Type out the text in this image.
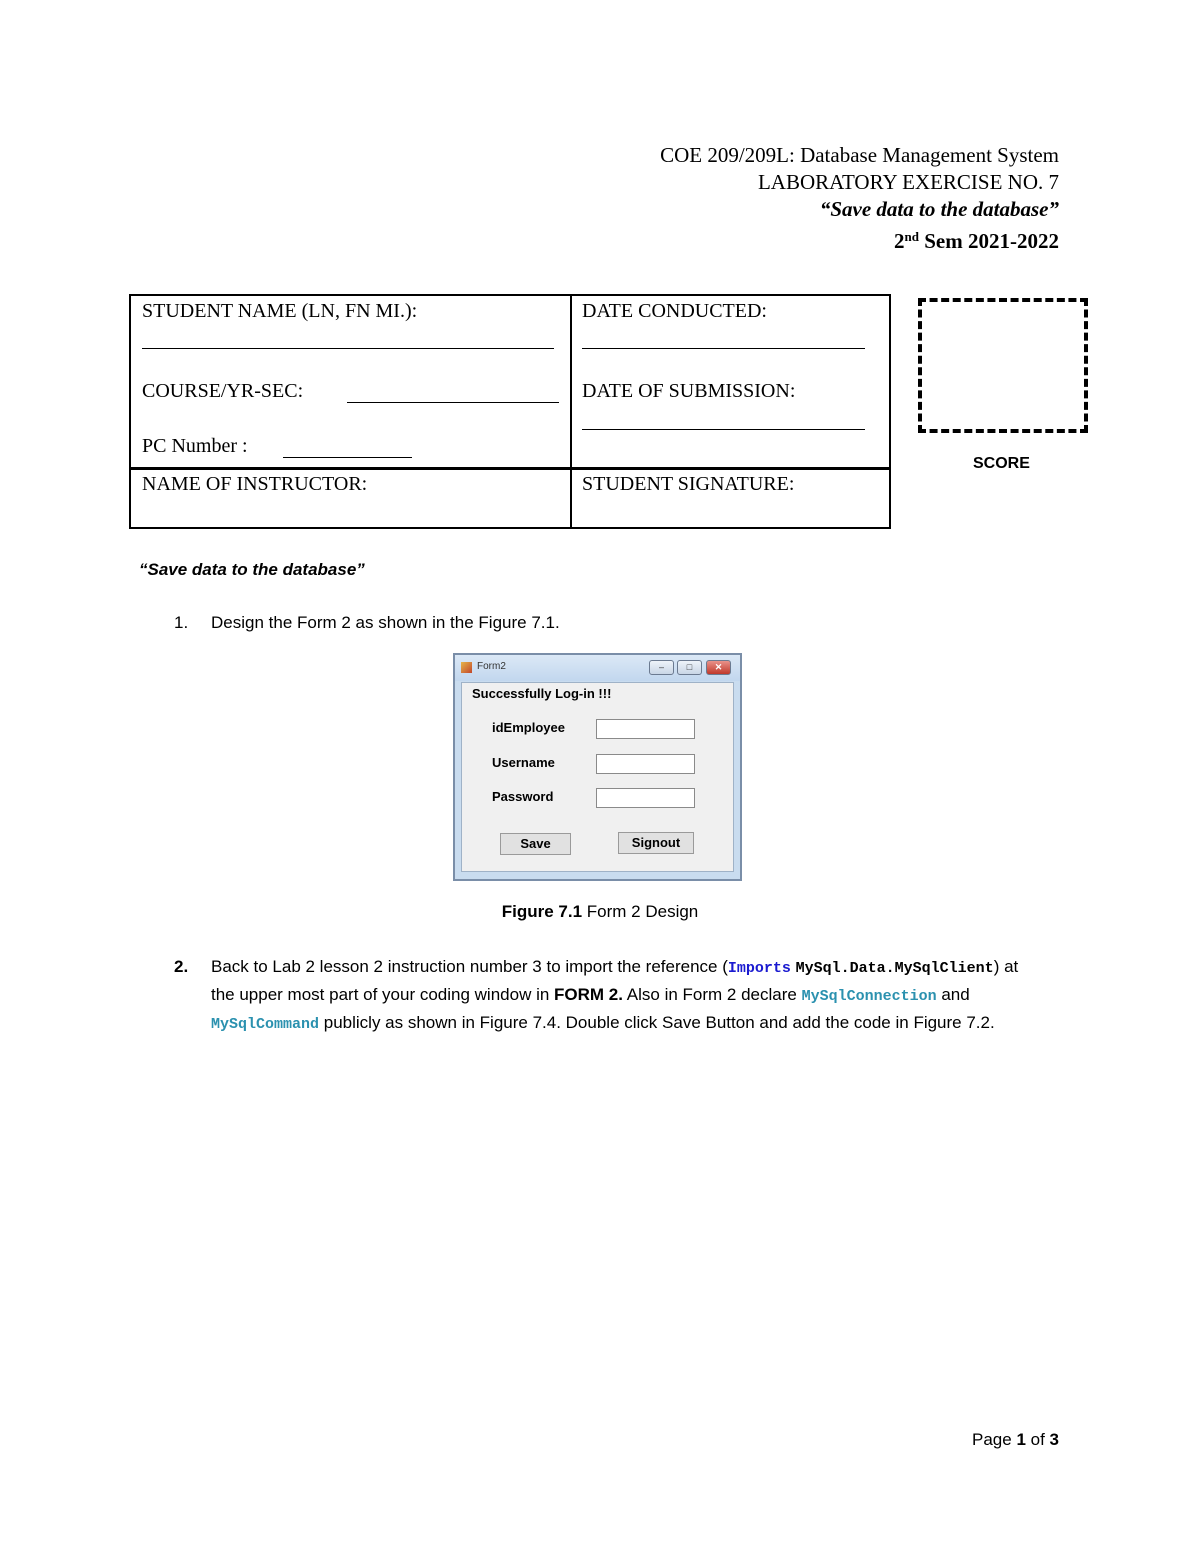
COE 209/209L: Database Management System
LABORATORY EXERCISE NO. 7
“Save data to the database”
2nd Sem 2021-2022
STUDENT NAME (LN, FN MI.):
COURSE/YR-SEC:
PC Number :
DATE CONDUCTED:
DATE OF SUBMISSION:
NAME OF INSTRUCTOR:	STUDENT SIGNATURE:
SCORE
“Save data to the database”
1. Design the Form 2 as shown in the Figure 7.1.
Form2	–	□	✕
Successfully Log-in !!!
idEmployee
Username
Password
Save	Signout
Figure 7.1 Form 2 Design
2. Back to Lab 2 lesson 2 instruction number 3 to import the reference (Imports MySql.Data.MySqlClient) at the upper most part of your coding window in FORM 2. Also in Form 2 declare MySqlConnection and MySqlCommand publicly as shown in Figure 7.4. Double click Save Button and add the code in Figure 7.2.
Page 1 of 3
